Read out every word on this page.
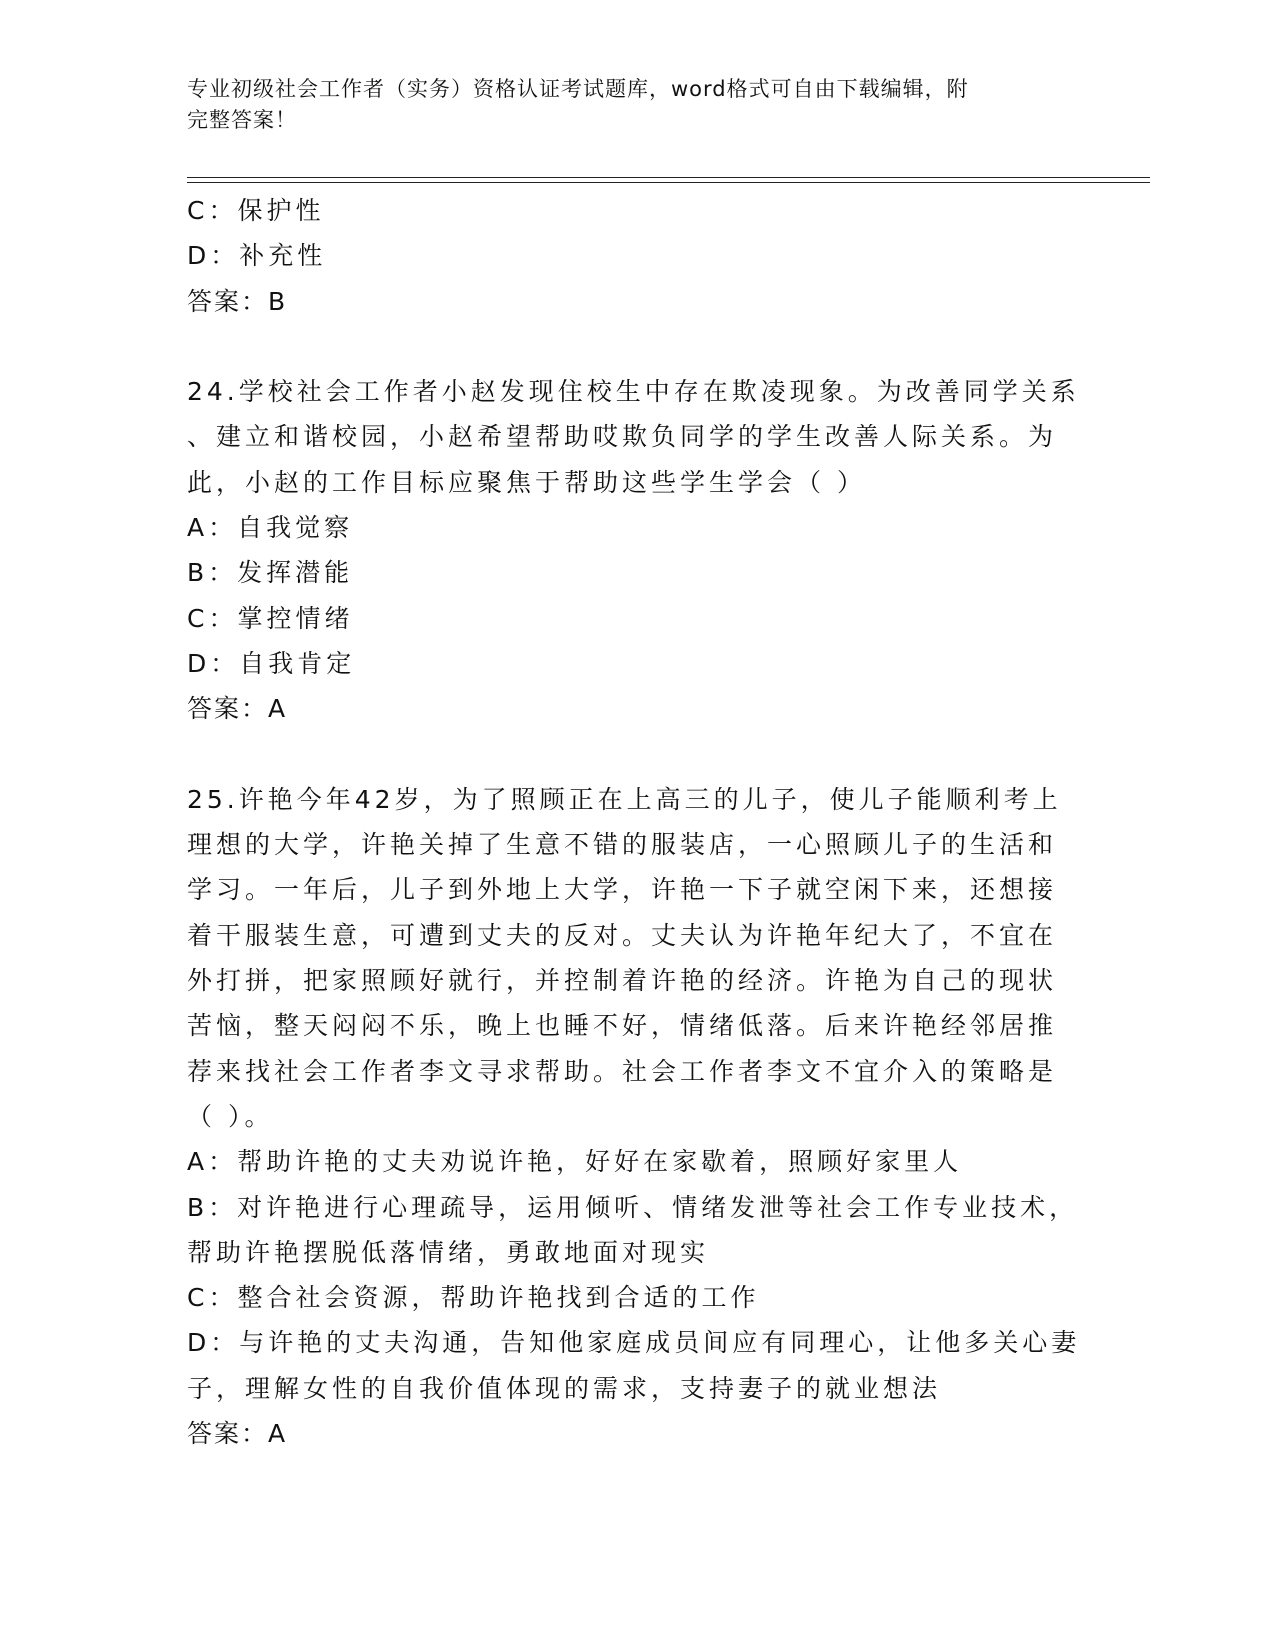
专业初级社会工作者（实务）资格认证考试题库，word格式可自由下载编辑，附
完整答案！

C：保护性

D：补充性

答案：B

24.学校社会工作者小赵发现住校生中存在欺凌现象。为改善同学关系

、建立和谐校园，小赵希望帮助哎欺负同学的学生改善人际关系。为

此，小赵的工作目标应聚焦于帮助这些学生学会（ ）

A：自我觉察

B：发挥潜能

C：掌控情绪

D：自我肯定

答案：A

25.许艳今年42岁，为了照顾正在上高三的儿子，使儿子能顺利考上

理想的大学，许艳关掉了生意不错的服装店，一心照顾儿子的生活和

学习。一年后，儿子到外地上大学，许艳一下子就空闲下来，还想接

着干服装生意，可遭到丈夫的反对。丈夫认为许艳年纪大了，不宜在

外打拼，把家照顾好就行，并控制着许艳的经济。许艳为自己的现状

苦恼，整天闷闷不乐，晚上也睡不好，情绪低落。后来许艳经邻居推

荐来找社会工作者李文寻求帮助。社会工作者李文不宜介入的策略是

（ ）。

A：帮助许艳的丈夫劝说许艳，好好在家歇着，照顾好家里人

B：对许艳进行心理疏导，运用倾听、情绪发泄等社会工作专业技术，

帮助许艳摆脱低落情绪，勇敢地面对现实

C：整合社会资源，帮助许艳找到合适的工作

D：与许艳的丈夫沟通，告知他家庭成员间应有同理心，让他多关心妻

子，理解女性的自我价值体现的需求，支持妻子的就业想法

答案：A
